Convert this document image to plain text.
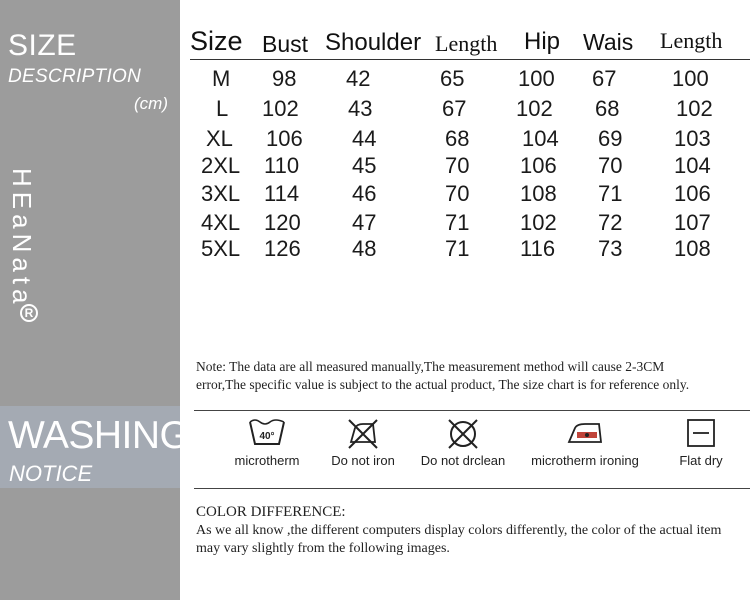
SIZE
DESCRIPTION
(cm)
HEaNata
R
WASHING
NOTICE
Size Bust Shoulder Length Hip Wais Length
M 98 42	65 100 67	100
L 102 43	67 102 68	102
XL 106 44	68 104 69 103
2XL 110 45	70 106 70 104
3XL 114 46	70 108 71 106
4XL 120 47	71 102 72 107
5XL 126 48	71 116 73 108
Note: The data are all measured manually,The measurement method will cause 2-3CM
error,The specific value is subject to the actual product, The size chart is for reference only.
40°
microtherm	Do not iron	Do not drclean	microtherm ironing	Flat dry
COLOR DIFFERENCE:
As we all know ,the different computers display colors differently, the color of the actual item
may vary slightly from the following images.
